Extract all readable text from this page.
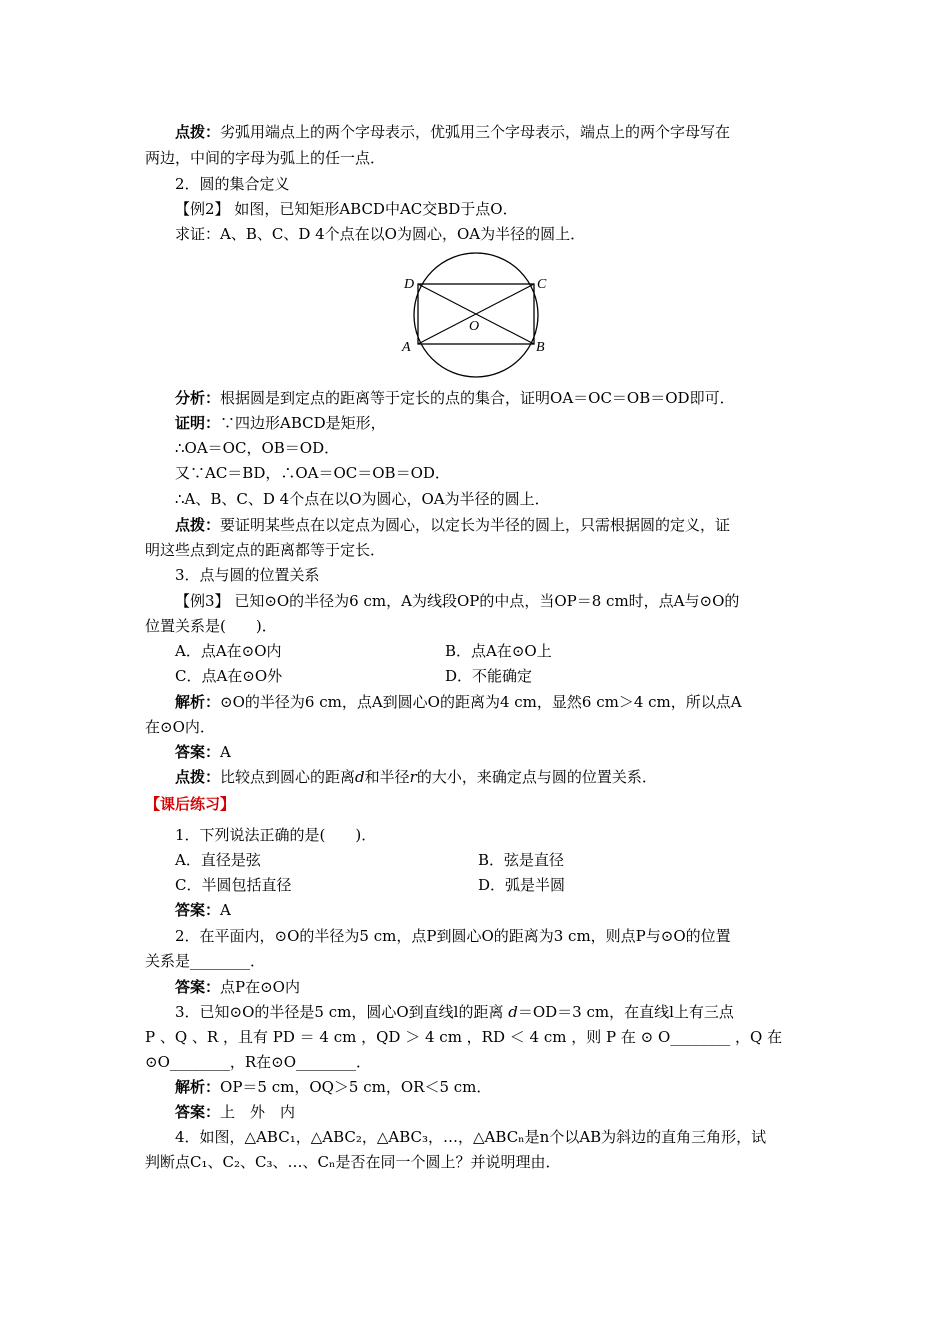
点拨：劣弧用端点上的两个字母表示，优弧用三个字母表示，端点上的两个字母写在
两边，中间的字母为弧上的任一点．
2．圆的集合定义
【例2】 如图，已知矩形ABCD中AC交BD于点O．
求证：A、B、C、D 4个点在以O为圆心，OA为半径的圆上．
D	C
O
A	B
分析：根据圆是到定点的距离等于定长的点的集合，证明OA＝OC＝OB＝OD即可．
证明：∵四边形ABCD是矩形，
∴OA＝OC，OB＝OD．
又∵AC＝BD，∴OA＝OC＝OB＝OD．
∴A、B、C、D 4个点在以O为圆心，OA为半径的圆上．
点拨：要证明某些点在以定点为圆心，以定长为半径的圆上，只需根据圆的定义，证
明这些点到定点的距离都等于定长．
3．点与圆的位置关系
【例3】 已知⊙O的半径为6 cm，A为线段OP的中点，当OP＝8 cm时，点A与⊙O的
位置关系是(　　)．
A．点A在⊙O内	B．点A在⊙O上
C．点A在⊙O外	D．不能确定
解析：⊙O的半径为6 cm，点A到圆心O的距离为4 cm，显然6 cm＞4 cm，所以点A
在⊙O内．
答案：A
点拨：比较点到圆心的距离d和半径r的大小，来确定点与圆的位置关系．
【课后练习】
1．下列说法正确的是(　　)．
A．直径是弦	B．弦是直径
C．半圆包括直径	D．弧是半圆
答案：A
2．在平面内，⊙O的半径为5 cm，点P到圆心O的距离为3 cm，则点P与⊙O的位置
关系是________．
答案：点P在⊙O内
3．已知⊙O的半径是5 cm，圆心O到直线l的距离 d＝OD＝3 cm，在直线l上有三点
P 、Q 、R ，且有 PD ＝ 4 cm ，QD ＞ 4 cm ，RD ＜ 4 cm ，则 P 在 ⊙ O________ ，Q 在
⊙O________，R在⊙O________．
解析：OP＝5 cm，OQ＞5 cm，OR＜5 cm．
答案：上　外　内
4．如图，△ABC₁，△ABC₂，△ABC₃，…，△ABCₙ是n个以AB为斜边的直角三角形，试
判断点C₁、C₂、C₃、…、Cₙ是否在同一个圆上？并说明理由．
